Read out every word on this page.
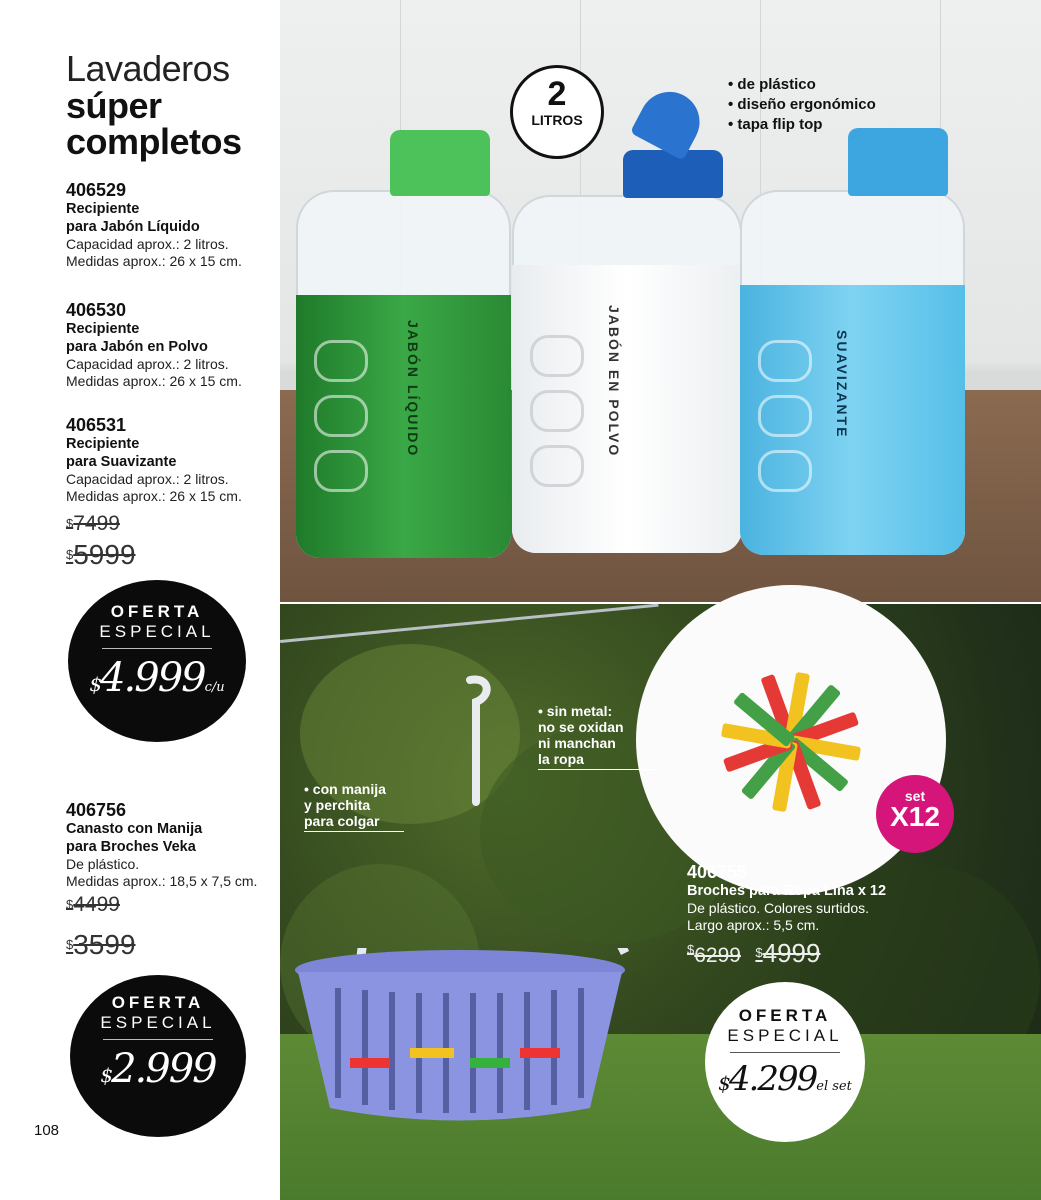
JABÓN LÍQUIDO	JABÓN EN POLVO	SUAVIZANTE
2
LITROS
• de plástico
• diseño ergonómico
• tapa flip top
set
X12
• sin metal:
no se oxidan
ni manchan
la ropa
• con manija
y perchita
para colgar
406755
Broches para Ropa Lina x 12
De plástico. Colores surtidos.
Largo aprox.: 5,5 cm.
$6299 $4999
OFERTA
ESPECIAL
$4.299el set
Lavaderos
súper
completos
406529
Recipiente
para Jabón Líquido
Capacidad aprox.: 2 litros.
Medidas aprox.: 26 x 15 cm.
406530
Recipiente
para Jabón en Polvo
Capacidad aprox.: 2 litros.
Medidas aprox.: 26 x 15 cm.
406531
Recipiente
para Suavizante
Capacidad aprox.: 2 litros.
Medidas aprox.: 26 x 15 cm.
$7499
$5999
OFERTA
ESPECIAL
$4.999c/u
406756
Canasto con Manija
para Broches Veka
De plástico.
Medidas aprox.: 18,5 x 7,5 cm.
$4499
$3599
OFERTA
ESPECIAL
$2.999
108
